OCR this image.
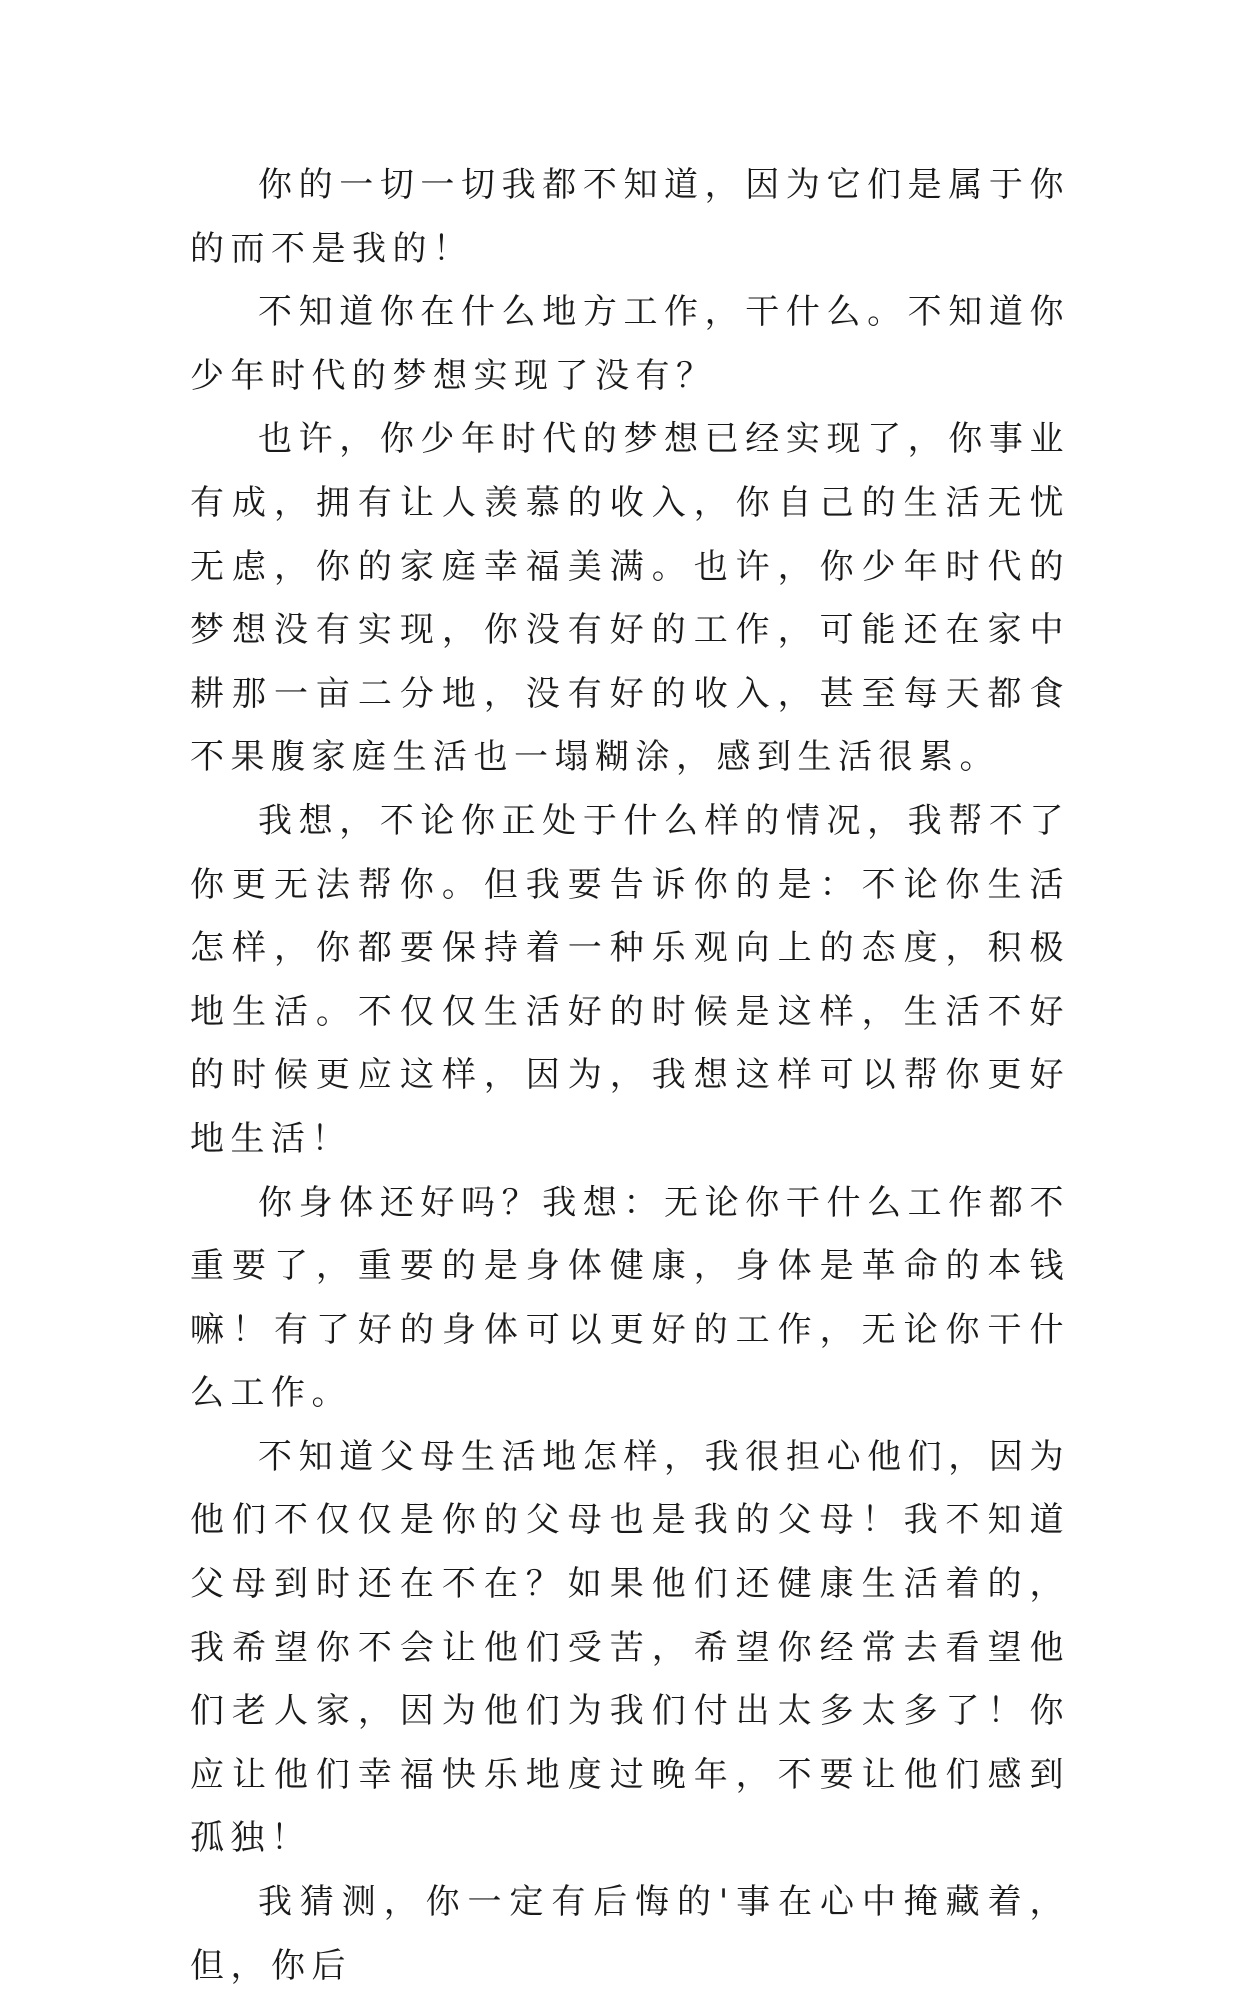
你的一切一切我都不知道，因为它们是属于你的而不是我的！

不知道你在什么地方工作，干什么。不知道你少年时代的梦想实现了没有？

也许，你少年时代的梦想已经实现了，你事业有成，拥有让人羡慕的收入，你自己的生活无忧无虑，你的家庭幸福美满。也许，你少年时代的梦想没有实现，你没有好的工作，可能还在家中耕那一亩二分地，没有好的收入，甚至每天都食不果腹家庭生活也一塌糊涂，感到生活很累。

我想，不论你正处于什么样的情况，我帮不了你更无法帮你。但我要告诉你的是：不论你生活怎样，你都要保持着一种乐观向上的态度，积极地生活。不仅仅生活好的时候是这样，生活不好的时候更应这样，因为，我想这样可以帮你更好地生活！

你身体还好吗？我想：无论你干什么工作都不重要了，重要的是身体健康，身体是革命的本钱嘛！有了好的身体可以更好的工作，无论你干什么工作。

不知道父母生活地怎样，我很担心他们，因为他们不仅仅是你的父母也是我的父母！我不知道父母到时还在不在？如果他们还健康生活着的，我希望你不会让他们受苦，希望你经常去看望他们老人家，因为他们为我们付出太多太多了！你应让他们幸福快乐地度过晚年，不要让他们感到孤独！

我猜测，你一定有后悔的'事在心中掩藏着，但，你后
